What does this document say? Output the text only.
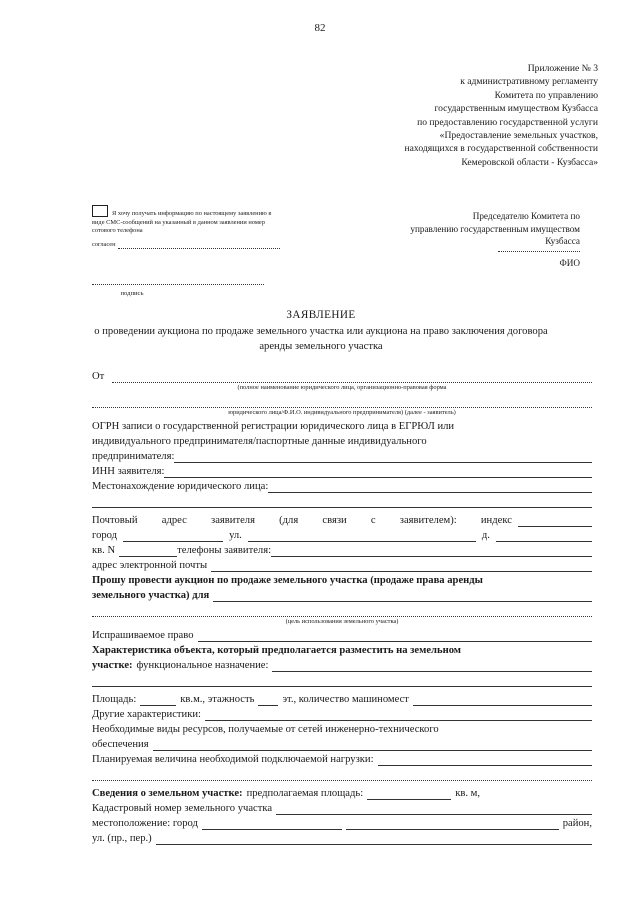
82
Приложение № 3
к административному регламенту
Комитета по управлению
государственным имуществом Кузбасса
по предоставлению государственной услуги
«Предоставление земельных участков,
находящихся в государственной собственности
Кемеровской области - Кузбасса»
Я хочу получать информацию по настоящему заявлению в виде СМС-сообщений на указанный в данном заявлении номер сотового телефона
согласен
подпись
Председателю Комитета по
управлению государственным имуществом
Кузбасса
ФИО
ЗАЯВЛЕНИЕ
о проведении аукциона по продаже земельного участка или аукциона на право заключения договора аренды земельного участка
От
(полное наименование юридического лица, организационно-правовая форма
юридического лица/Ф.И.О. индивидуального предпринимателя) (далее - заявитель)
ОГРН записи о государственной регистрации юридического лица в ЕГРЮЛ или
индивидуального предпринимателя/паспортные данные индивидуального
предпринимателя:
ИНН заявителя:
Местонахождение юридического лица:
Почтовый адрес заявителя (для связи с заявителем): индекс
город	ул.	д.
кв. N	телефоны заявителя:
адрес электронной почты
Прошу провести аукцион по продаже земельного участка (продаже права аренды
земельного участка) для
(цель использования земельного участка)
Испрашиваемое право
Характеристика объекта, который предполагается разместить на земельном
участке: функциональное назначение:
Площадь:	кв.м., этажность	эт., количество машиномест
Другие характеристики:
Необходимые виды ресурсов, получаемые от сетей инженерно-технического
обеспечения
Планируемая величина необходимой подключаемой нагрузки:
Сведения о земельном участке: предполагаемая площадь:	кв. м,
Кадастровый номер земельного участка
местоположение: город	район,
ул. (пр., пер.)
